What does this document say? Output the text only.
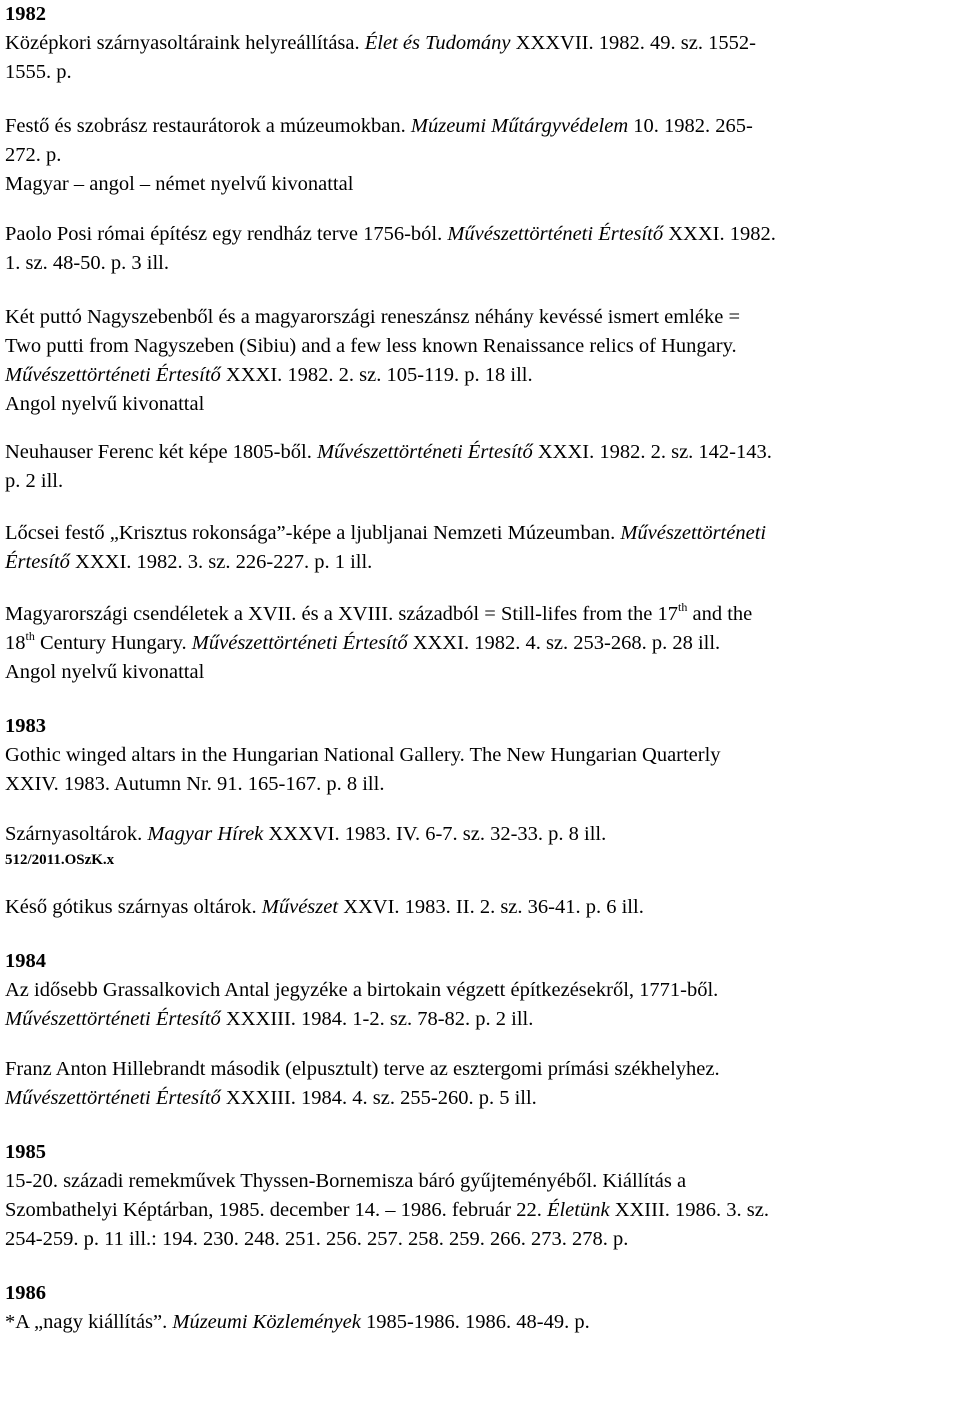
1982

Középkori szárnyasoltáraink helyreállítása. Élet és Tudomány XXXVII. 1982. 49. sz. 1552-
1555. p.

Festő és szobrász restaurátorok a múzeumokban. Múzeumi Műtárgyvédelem 10. 1982. 265-
272. p.
Magyar – angol – német nyelvű kivonattal

Paolo Posi római építész egy rendház terve 1756-ból. Művészettörténeti Értesítő XXXI. 1982.
1. sz. 48-50. p. 3 ill.

Két puttó Nagyszebenből és a magyarországi reneszánsz néhány kevéssé ismert emléke =
Two putti from Nagyszeben (Sibiu) and a few less known Renaissance relics of Hungary.
Művészettörténeti Értesítő XXXI. 1982. 2. sz. 105-119. p. 18 ill.
Angol nyelvű kivonattal

Neuhauser Ferenc két képe 1805-ből. Művészettörténeti Értesítő XXXI. 1982. 2. sz. 142-143.
p. 2 ill.

Lőcsei festő „Krisztus rokonsága”-képe a ljubljanai Nemzeti Múzeumban. Művészettörténeti
Értesítő XXXI. 1982. 3. sz. 226-227. p. 1 ill.

Magyarországi csendéletek a XVII. és a XVIII. századból = Still-lifes from the 17th and the
18th Century Hungary. Művészettörténeti Értesítő XXXI. 1982. 4. sz. 253-268. p. 28 ill.
Angol nyelvű kivonattal

1983

Gothic winged altars in the Hungarian National Gallery. The New Hungarian Quarterly
XXIV. 1983. Autumn Nr. 91. 165-167. p. 8 ill.

Szárnyasoltárok. Magyar Hírek XXXVI. 1983. IV. 6-7. sz. 32-33. p. 8 ill.

512/2011.OSzK.x

Késő gótikus szárnyas oltárok. Művészet XXVI. 1983. II. 2. sz. 36-41. p. 6 ill.

1984

Az idősebb Grassalkovich Antal jegyzéke a birtokain végzett építkezésekről, 1771-ből.
Művészettörténeti Értesítő XXXIII. 1984. 1-2. sz. 78-82. p. 2 ill.

Franz Anton Hillebrandt második (elpusztult) terve az esztergomi prímási székhelyhez.
Művészettörténeti Értesítő XXXIII. 1984. 4. sz. 255-260. p. 5 ill.

1985

15-20. századi remekművek Thyssen-Bornemisza báró gyűjteményéből. Kiállítás a
Szombathelyi Képtárban, 1985. december 14. – 1986. február 22. Életünk XXIII. 1986. 3. sz.
254-259. p. 11 ill.: 194. 230. 248. 251. 256. 257. 258. 259. 266. 273. 278. p.

1986

*A „nagy kiállítás”. Múzeumi Közlemények 1985-1986. 1986. 48-49. p.
